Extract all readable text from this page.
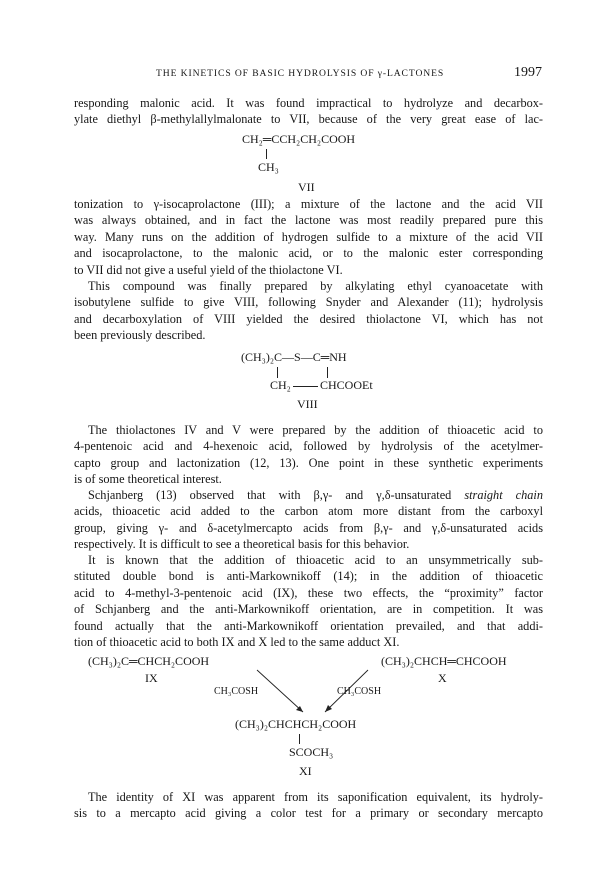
THE KINETICS OF BASIC HYDROLYSIS OF γ-LACTONES	1997
responding malonic acid. It was found impractical to hydrolyze and decarbox-
ylate diethyl β-methylallylmalonate to VII, because of the very great ease of lac-
CH₂═CCH₂CH₂COOH
CH₃
VII
tonization to γ-isocaprolactone (III); a mixture of the lactone and the acid VII
was always obtained, and in fact the lactone was most readily prepared pure this
way. Many runs on the addition of hydrogen sulfide to a mixture of the acid VII
and isocaprolactone, to the malonic acid, or to the malonic ester corresponding
to VII did not give a useful yield of the thiolactone VI.
This compound was finally prepared by alkylating ethyl cyanoacetate with
isobutylene sulfide to give VIII, following Snyder and Alexander (11); hydrolysis
and decarboxylation of VIII yielded the desired thiolactone VI, which has not
been previously described.
(CH₃)₂C—S—C═NH
CH₂ CHCOOEt
VIII
The thiolactones IV and V were prepared by the addition of thioacetic acid to
4-pentenoic acid and 4-hexenoic acid, followed by hydrolysis of the acetylmer-
capto group and lactonization (12, 13). One point in these synthetic experiments
is of some theoretical interest.
Schjanberg (13) observed that with β,γ- and γ,δ-unsaturated straight chain
acids, thioacetic acid added to the carbon atom more distant from the carboxyl
group, giving γ- and δ-acetylmercapto acids from β,γ- and γ,δ-unsaturated acids
respectively. It is difficult to see a theoretical basis for this behavior.
It is known that the addition of thioacetic acid to an unsymmetrically sub-
stituted double bond is anti-Markownikoff (14); in the addition of thioacetic
acid to 4-methyl-3-pentenoic acid (IX), these two effects, the “proximity” factor
of Schjanberg and the anti-Markownikoff orientation, are in competition. It was
found actually that the anti-Markownikoff orientation prevailed, and that addi-
tion of thioacetic acid to both IX and X led to the same adduct XI.
(CH₃)₂C═CHCH₂COOH
IX
(CH₃)₂CHCH═CHCOOH
X
CH₃COSH	CH₃COSH
(CH₃)₂CHCHCH₂COOH
SCOCH₃
XI
The identity of XI was apparent from its saponification equivalent, its hydroly-
sis to a mercapto acid giving a color test for a primary or secondary mercapto
